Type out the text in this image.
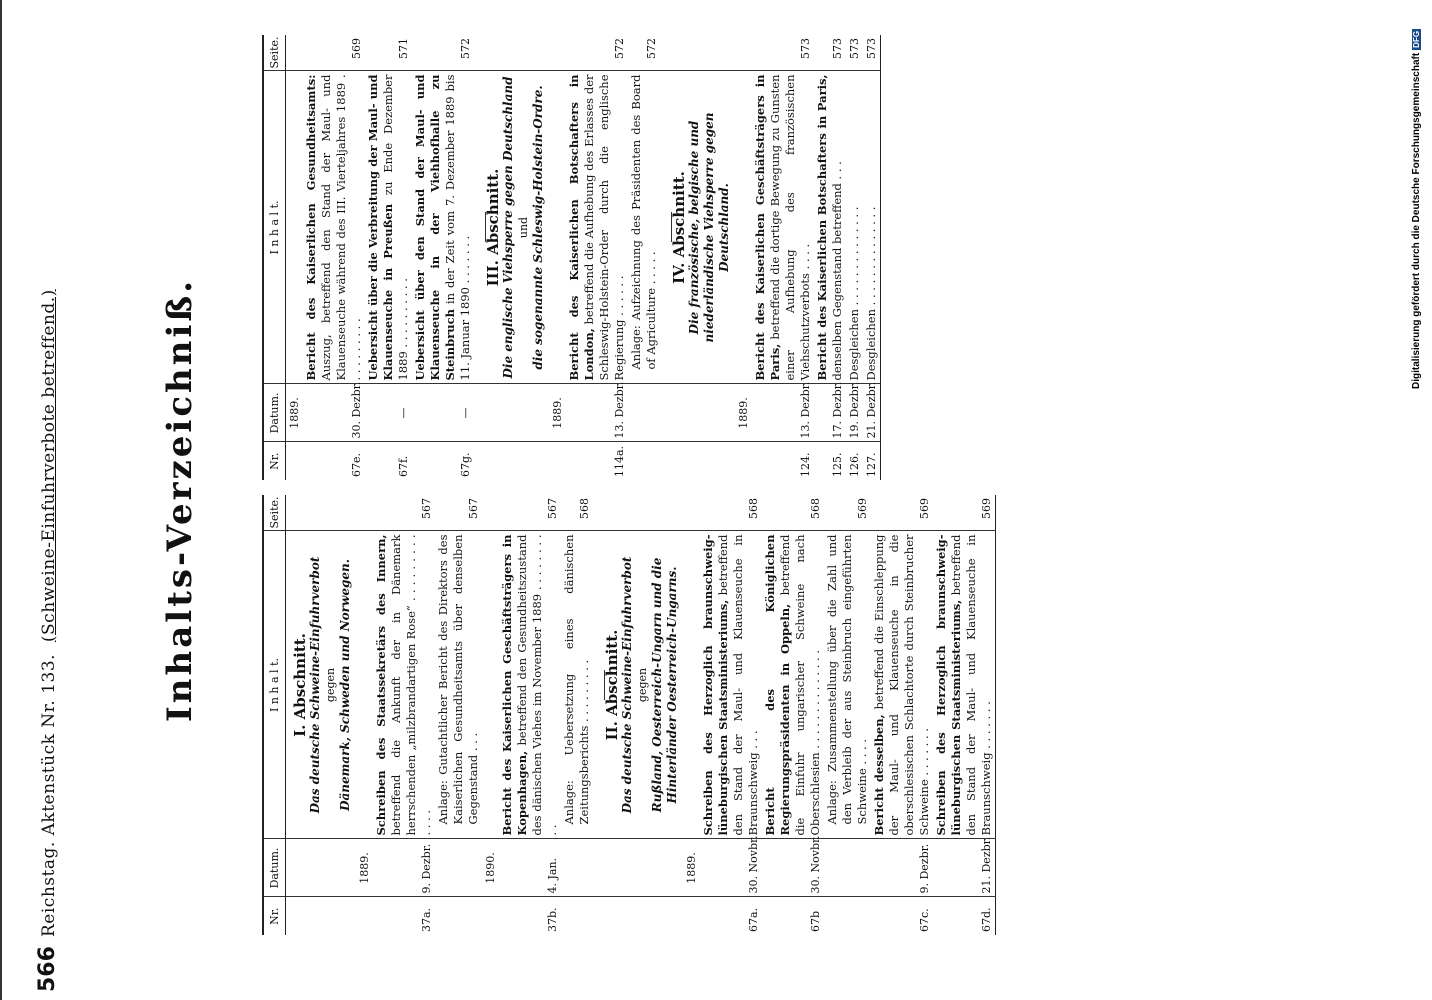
566
Reichstag. Aktenstück Nr. 133.  (Schweine-Einfuhrverbote betreffend.)	Inhalts-Verzeichniß.
Nr.	Datum.	I n h a l t.	Seite.

		I. Abschnitt. Das deutsche Schweine-Einfuhrverbot gegen Dänemark, Schweden und Norwegen.	

	1889.		
37a.	9. Dezbr.	Schreiben des Staatssekretärs des Innern, betreffend die Ankunft der in Dänemark herrschenden „milzbrandartigen Rose“ . . . . . . . . . . . . .	567
		Anlage: Gutachtlicher Bericht des Direktors des Kaiserlichen Gesundheitsamts über denselben Gegenstand . . .	567
	1890.		
37b.	4. Jan.	Bericht des Kaiserlichen Geschäftsträgers in Kopenhagen, betreffend den Gesundheitszustand des dänischen Viehes im November 1889 . . . . . . . . . .	567
		Anlage: Uebersetzung eines dänischen Zeitungsberichts . . . . . . . . .	568

		II. Abschnitt. Das deutsche Schweine-Einfuhrverbot gegen Rußland, Oesterreich-Ungarn und die Hinterländer Oesterreich-Ungarns.	

	1889.		
67a.	30. Novbr.	Schreiben des Herzoglich braunschweig-lüneburgischen Staatsministeriums, betreffend den Stand der Maul- und Klauenseuche in Braunschweig . . .	568
67b	30. Novbr.	Bericht des Königlichen Regierungspräsidenten in Oppeln, betreffend die Einfuhr ungarischer Schweine nach Oberschlesien . . . . . . . . . . . . . .	568
		Anlage: Zusammenstellung über die Zahl und den Verbleib der aus Steinbruch eingeführten Schweine . . . .	569
67c.	9. Dezbr.	Bericht desselben, betreffend die Einschleppung der Maul- und Klauenseuche in die oberschlesischen Schlachtorte durch Steinbrucher Schweine . . . . . . .	569
67d.	21. Dezbr.	Schreiben des Herzoglich braunschweig-lüneburgischen Staatsministeriums, betreffend den Stand der Maul- und Klauenseuche in Braunschweig . . . . . . .	569
Nr.	Datum.	I n h a l t.	Seite.
	1889.		
67e.	30. Dezbr.	Bericht des Kaiserlichen Gesundheitsamts: Auszug, betreffend den Stand der Maul- und Klauenseuche während des III. Vierteljahres 1889 . . . . . . . . . .	569
67f.	—	Uebersicht über die Verbreitung der Maul- und Klauenseuche in Preußen zu Ende Dezember 1889 . . . . . . . . . .	571
67g.	—	Uebersicht über den Stand der Maul- und Klauenseuche in der Viehhofhalle zu Steinbruch in der Zeit vom 7. Dezember 1889 bis 11. Januar 1890 . . . . . . .	572

		III. Abschnitt. Die englische Viehsperre gegen Deutschland und die sogenannte Schleswig-Holstein-Ordre.	

	1889.		
114a.	13. Dezbr.	Bericht des Kaiserlichen Botschafters in London, betreffend die Aufhebung des Erlasses der Schleswig-Holstein-Order durch die englische Regierung . . . . . .	572
		Anlage: Aufzeichnung des Präsidenten des Board of Agriculture . . . . .	572

		IV. Abschnitt. Die französische, belgische und niederländische Viehsperre gegen Deutschland.	

	1889.		
124.	13. Dezbr.	Bericht des Kaiserlichen Geschäftsträgers in Paris, betreffend die dortige Bewegung zu Gunsten einer Aufhebung des französischen Viehschutzverbots . . . .	573
125.	17. Dezbr.	Bericht des Kaiserlichen Botschafters in Paris, denselben Gegenstand betreffend . . .	573
126.	19. Dezbr.	Desgleichen . . . . . . . . . . . . . .	573
127.	21. Dezbr.	Desgleichen . . . . . . . . . . . . . .	573
Digitalisierung gefördert durch die Deutsche ForschungsgemeinschaftDFG
